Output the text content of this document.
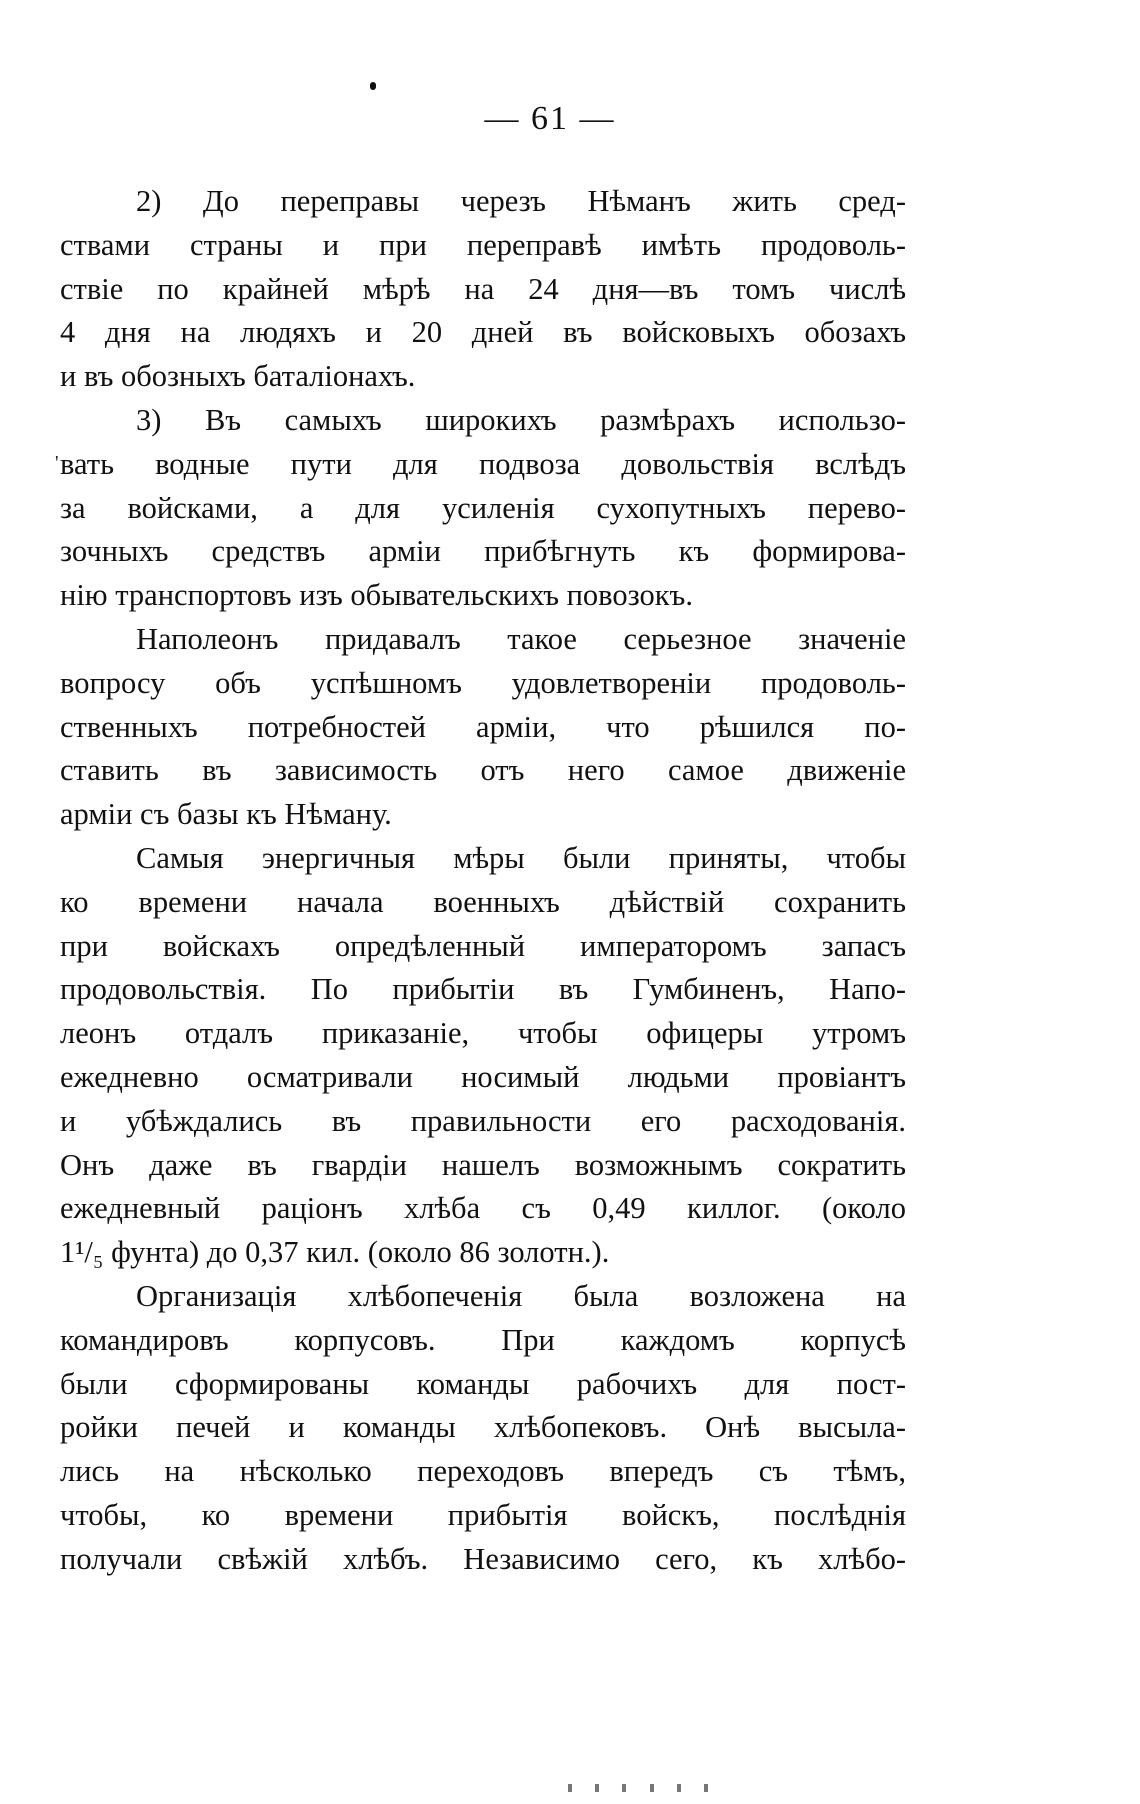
— 61 —
'

2) До переправы черезъ Нѣманъ жить сред-
ствами страны и при переправѣ имѣть продоволь-
ствіе по крайней мѣрѣ на 24 дня—въ томъ числѣ
4 дня на людяхъ и 20 дней въ войсковыхъ обозахъ
и въ обозныхъ баталіонахъ.

3) Въ самыхъ широкихъ размѣрахъ использо-
вать водные пути для подвоза довольствія вслѣдъ
за войсками, а для усиленія сухопутныхъ перево-
зочныхъ средствъ арміи прибѣгнуть къ формирова-
нію транспортовъ изъ обывательскихъ повозокъ.

Наполеонъ придавалъ такое серьезное значеніе
вопросу объ успѣшномъ удовлетвореніи продоволь-
ственныхъ потребностей арміи, что рѣшился по-
ставить въ зависимость отъ него самое движеніе
арміи съ базы къ Нѣману.

Самыя энергичныя мѣры были приняты, чтобы
ко времени начала военныхъ дѣйствій сохранить
при войскахъ опредѣленный императоромъ запасъ
продовольствія. По прибытіи въ Гумбиненъ, Напо-
леонъ отдалъ приказаніе, чтобы офицеры утромъ
ежедневно осматривали носимый людьми провіантъ
и убѣждались въ правильности его расходованія.
Онъ даже въ гвардіи нашелъ возможнымъ сократить
ежедневный раціонъ хлѣба съ 0,49 киллог. (около
1¹/₅ фунта) до 0,37 кил. (около 86 золотн.).

Организація хлѣбопеченія была возложена на
командировъ корпусовъ. При каждомъ корпусѣ
были сформированы команды рабочихъ для пост-
ройки печей и команды хлѣбопековъ. Онѣ высыла-
лись на нѣсколько переходовъ впередъ съ тѣмъ,
чтобы, ко времени прибытія войскъ, послѣднія
получали свѣжій хлѣбъ. Независимо сего, къ хлѣбо-
